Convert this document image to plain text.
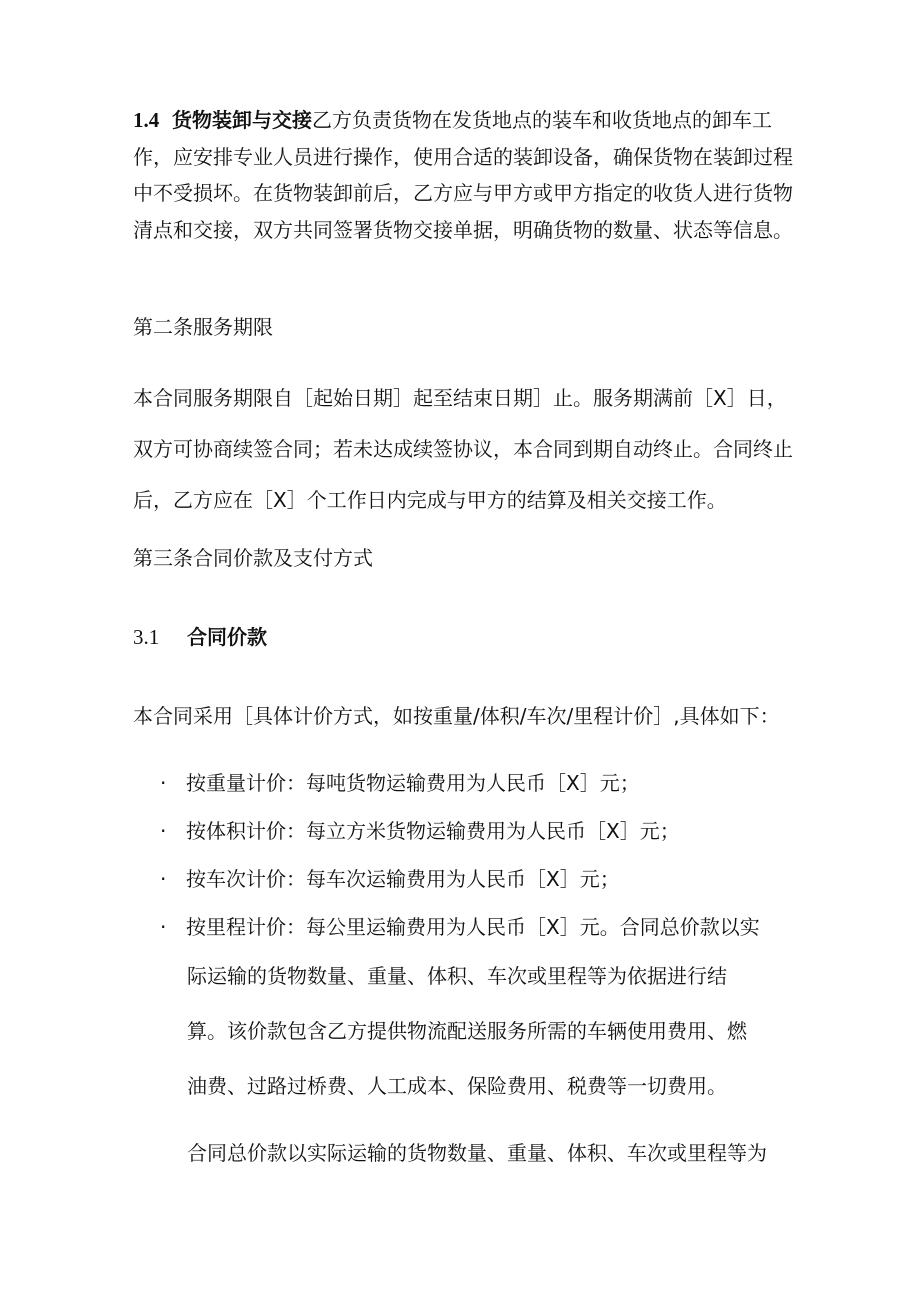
1.4 货物装卸与交接乙方负责货物在发货地点的装车和收货地点的卸车工作，应安排专业人员进行操作，使用合适的装卸设备，确保货物在装卸过程中不受损坏。在货物装卸前后，乙方应与甲方或甲方指定的收货人进行货物清点和交接，双方共同签署货物交接单据，明确货物的数量、状态等信息。
第二条服务期限
本合同服务期限自［起始日期］起至结束日期］止。服务期满前［X］日，双方可协商续签合同；若未达成续签协议，本合同到期自动终止。合同终止后，乙方应在［X］个工作日内完成与甲方的结算及相关交接工作。
第三条合同价款及支付方式
3.1 合同价款
本合同采用［具体计价方式，如按重量/体积/车次/里程计价］,具体如下：
· 按重量计价：每吨货物运输费用为人民币［X］元；
· 按体积计价：每立方米货物运输费用为人民币［X］元；
· 按车次计价：每车次运输费用为人民币［X］元；
· 按里程计价：每公里运输费用为人民币［X］元。合同总价款以实
际运输的货物数量、重量、体积、车次或里程等为依据进行结
算。该价款包含乙方提供物流配送服务所需的车辆使用费用、燃
油费、过路过桥费、人工成本、保险费用、税费等一切费用。
合同总价款以实际运输的货物数量、重量、体积、车次或里程等为
